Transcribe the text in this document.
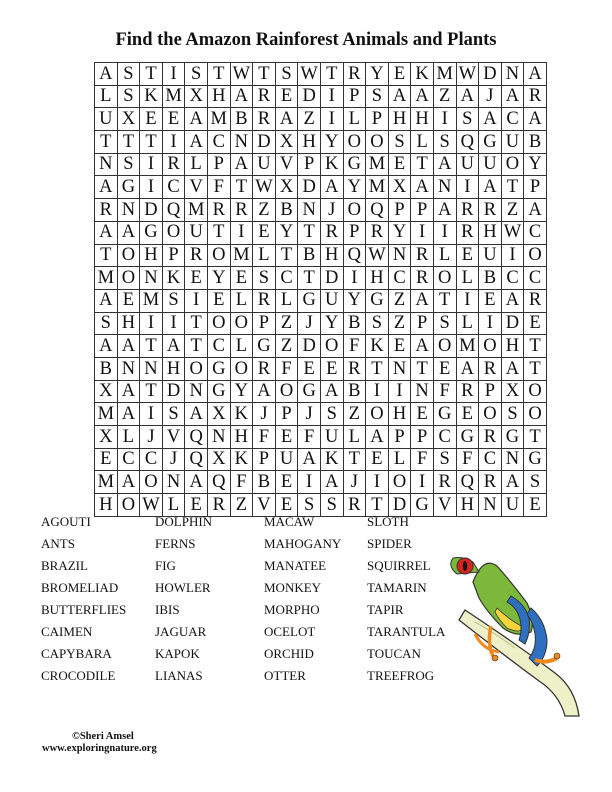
Find the Amazon Rainforest Animals and Plants
A	S	T	I	S	T	W	T	S	W	T	R	Y	E	K	M	W	D	N	A
L	S	K	M	X	H	A	R	E	D	I	P	S	A	A	Z	A	J	A	R
U	X	E	E	A	M	B	R	A	Z	I	L	P	H	H	I	S	A	C	A
T	T	T	I	A	C	N	D	X	H	Y	O	O	S	L	S	Q	G	U	B
N	S	I	R	L	P	A	U	V	P	K	G	M	E	T	A	U	U	O	Y
A	G	I	C	V	F	T	W	X	D	A	Y	M	X	A	N	I	A	T	P
R	N	D	Q	M	R	R	Z	B	N	J	O	Q	P	P	A	R	R	Z	A
A	A	G	O	U	T	I	E	Y	T	R	P	R	Y	I	I	R	H	W	C
T	O	H	P	R	O	M	L	T	B	H	Q	W	N	R	L	E	U	I	O
M	O	N	K	E	Y	E	S	C	T	D	I	H	C	R	O	L	B	C	C
A	E	M	S	I	E	L	R	L	G	U	Y	G	Z	A	T	I	E	A	R
S	H	I	I	T	O	O	P	Z	J	Y	B	S	Z	P	S	L	I	D	E
A	A	T	A	T	C	L	G	Z	D	O	F	K	E	A	O	M	O	H	T
B	N	N	H	O	G	O	R	F	E	E	R	T	N	T	E	A	R	A	T
X	A	T	D	N	G	Y	A	O	G	A	B	I	I	N	F	R	P	X	O
M	A	I	S	A	X	K	J	P	J	S	Z	O	H	E	G	E	O	S	O
X	L	J	V	Q	N	H	F	E	F	U	L	A	P	P	C	G	R	G	T
E	C	C	J	Q	X	K	P	U	A	K	T	E	L	F	S	F	C	N	G
M	A	O	N	A	Q	F	B	E	I	A	J	I	O	I	R	Q	R	A	S
H	O	W	L	E	R	Z	V	E	S	S	R	T	D	G	V	H	N	U	E
AGOUTI
ANTS
BRAZIL
BROMELIAD
BUTTERFLIES
CAIMEN
CAPYBARA
CROCODILE
DOLPHIN
FERNS
FIG
HOWLER
IBIS
JAGUAR
KAPOK
LIANAS
MACAW
MAHOGANY
MANATEE
MONKEY
MORPHO
OCELOT
ORCHID
OTTER
SLOTH
SPIDER
SQUIRREL
TAMARIN
TAPIR
TARANTULA
TOUCAN
TREEFROG
©Sheri Amsel
www.exploringnature.org
